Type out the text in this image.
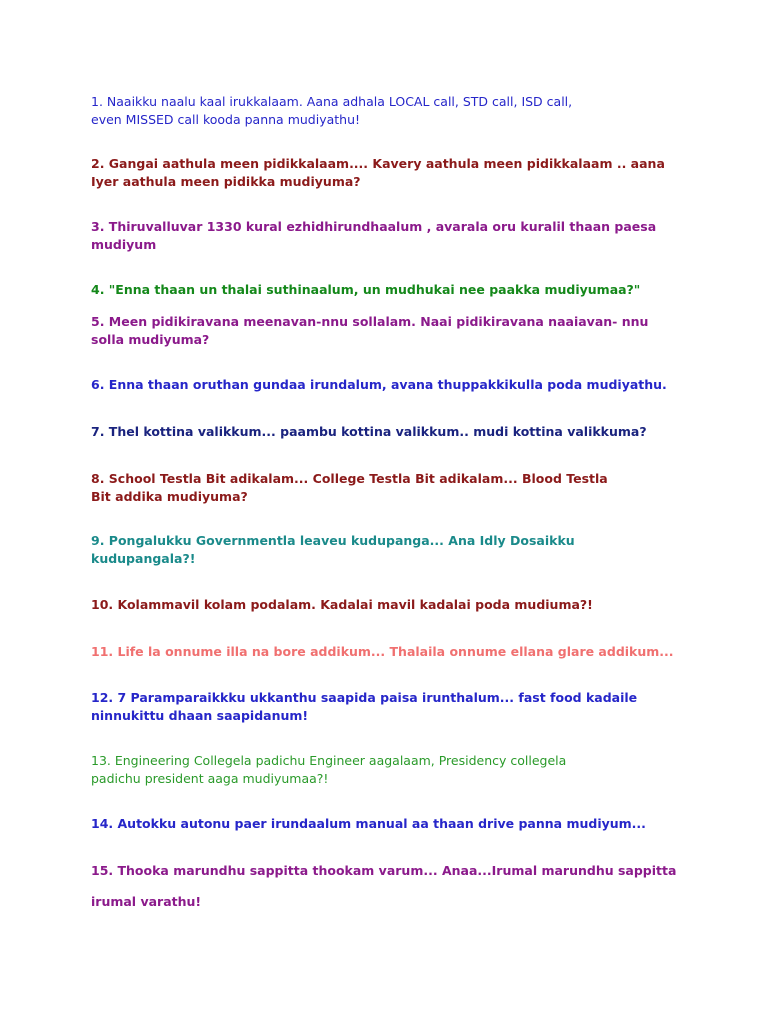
1. Naaikku naalu kaal irukkalaam. Aana adhala LOCAL call, STD call, ISD call,
even MISSED call kooda panna mudiyathu!

2. Gangai aathula meen pidikkalaam.... Kavery aathula meen pidikkalaam .. aana
Iyer aathula meen pidikka mudiyuma?

3. Thiruvalluvar 1330 kural ezhidhirundhaalum , avarala oru kuralil thaan paesa
mudiyum

4. "Enna thaan un thalai suthinaalum, un mudhukai nee paakka mudiyumaa?"

5. Meen pidikiravana meenavan-nnu sollalam. Naai pidikiravana naaiavan- nnu
solla mudiyuma?

6. Enna thaan oruthan gundaa irundalum, avana thuppakkikulla poda mudiyathu.

7. Thel kottina valikkum... paambu kottina valikkum.. mudi kottina valikkuma?

8. School Testla Bit adikalam... College Testla Bit adikalam... Blood Testla
Bit addika mudiyuma?

9. Pongalukku Governmentla leaveu kudupanga... Ana Idly Dosaikku
kudupangala?!

10. Kolammavil kolam podalam. Kadalai mavil kadalai poda mudiuma?!

11. Life la onnume illa na bore addikum... Thalaila onnume ellana glare addikum...

12. 7 Paramparaikkku ukkanthu saapida paisa irunthalum... fast food kadaile
ninnukittu dhaan saapidanum!

13. Engineering Collegela padichu Engineer aagalaam, Presidency collegela
padichu president aaga mudiyumaa?!

14. Autokku autonu paer irundaalum manual aa thaan drive panna mudiyum...

15. Thooka marundhu sappitta thookam varum... Anaa...Irumal marundhu sappitta

irumal varathu!
